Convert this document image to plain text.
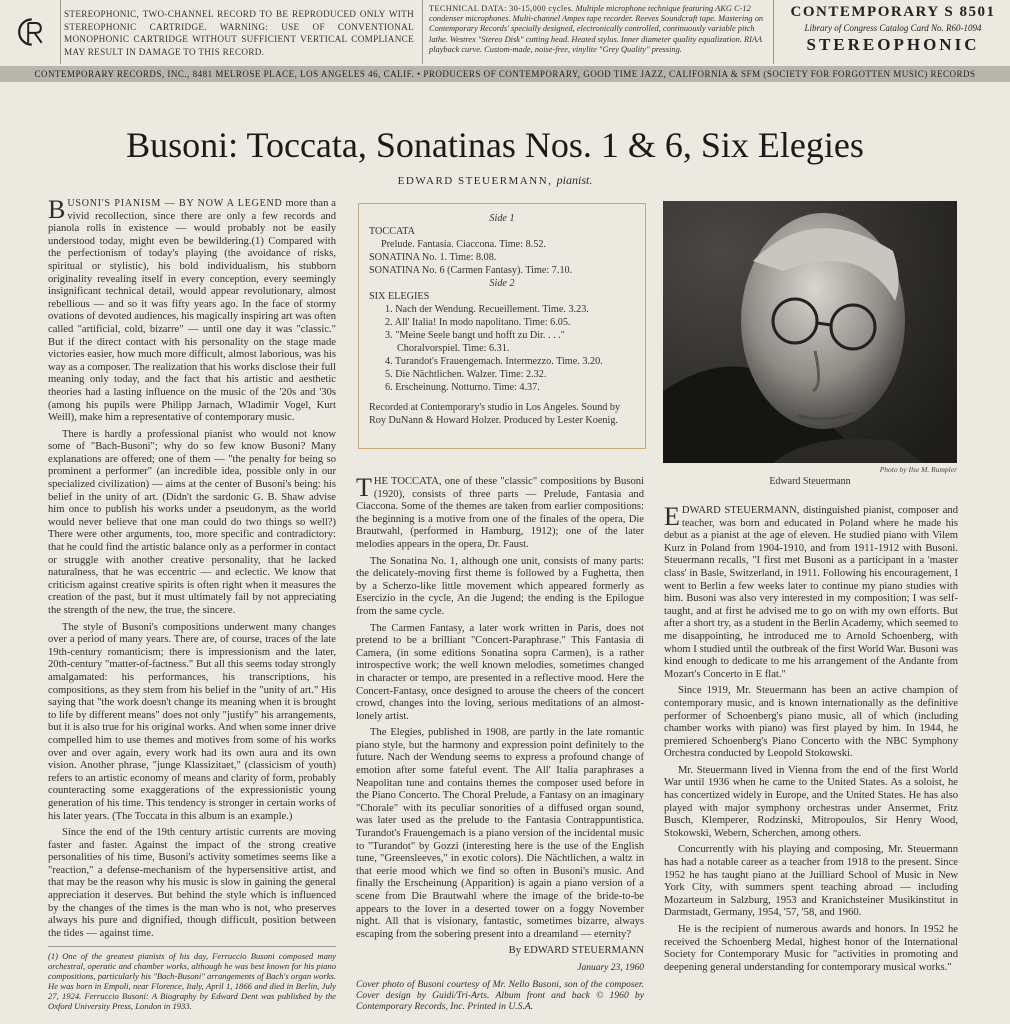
STEREOPHONIC, TWO-CHANNEL RECORD TO BE REPRODUCED ONLY WITH STEREOPHONIC CARTRIDGE. WARNING: USE OF CONVENTIONAL MONOPHONIC CARTRIDGE WITHOUT SUFFICIENT VERTICAL COMPLIANCE MAY RESULT IN DAMAGE TO THIS RECORD.
TECHNICAL DATA: 30-15,000 cycles. Multiple microphone technique featuring AKG C-12 condenser microphones. Multi-channel Ampex tape recorder. Reeves Soundcraft tape. Mastering on Contemporary Records' specially designed, electronically controlled, continuously variable pitch lathe. Westrex "Stereo Disk" cutting head. Heated stylus. Inner diameter quality equalization. RIAA playback curve. Custom-made, noise-free, vinylite "Grey Quality" pressing.
CONTEMPORARY S 8501
Library of Congress Catalog Card No. R60-1094
STEREOPHONIC
CONTEMPORARY RECORDS, INC., 8481 MELROSE PLACE, LOS ANGELES 46, CALIF. • PRODUCERS OF CONTEMPORARY, GOOD TIME JAZZ, CALIFORNIA & SFM (SOCIETY FOR FORGOTTEN MUSIC) RECORDS
Busoni: Toccata, Sonatinas Nos. 1 & 6, Six Elegies
EDWARD STEUERMANN, pianist.

BUSONI'S PIANISM — BY NOW A LEGEND more than a vivid recollection, since there are only a few records and pianola rolls in existence — would probably not be easily understood today, might even be bewildering.(1) Compared with the perfectionism of today's playing (the avoidance of risks, spiritual or stylistic), his bold individualism, his stubborn originality revealing itself in every conception, every seemingly insignificant technical detail, would appear revolutionary, almost rebellious — and so it was fifty years ago. In the face of stormy ovations of devoted audiences, his magically inspiring art was often called "artificial, cold, bizarre" — until one day it was "classic." But if the direct contact with his personality on the stage made victories easier, how much more difficult, almost laborious, was his way as a composer. The realization that his works disclose their full meaning only today, and the fact that his artistic and aesthetic theories had a lasting influence on the music of the '20s and '30s (among his pupils were Philipp Jarnach, Wladimir Vogel, Kurt Weill), make him a representative of contemporary music.

There is hardly a professional pianist who would not know some of "Bach-Busoni"; why do so few know Busoni? Many explanations are offered; one of them — "the penalty for being so prominent a performer" (an incredible idea, possible only in our specialized civilization) — aims at the center of Busoni's being: his belief in the unity of art. (Didn't the sardonic G. B. Shaw advise him once to publish his works under a pseudonym, as the world would never believe that one man could do two things so well?) There were other arguments, too, more specific and contradictory: that he could find the artistic balance only as a performer in contact or struggle with another creative personality, that he lacked naturalness, that he was eccentric — and eclectic. We know that criticism against creative spirits is often right when it measures the creation of the past, but it must ultimately fail by not appreciating the strength of the new, the true, the sincere.

The style of Busoni's compositions underwent many changes over a period of many years. There are, of course, traces of the late 19th-century romanticism; there is impressionism and the later, 20th-century "matter-of-factness." But all this seems today strongly amalgamated: his performances, his transcriptions, his compositions, as they stem from his belief in the "unity of art." His saying that "the work doesn't change its meaning when it is brought to life by different means" does not only "justify" his arrangements, but it is also true for his original works. And when some inner drive compelled him to use themes and motives from some of his works over and over again, every work had its own aura and its own vision. Another phrase, "junge Klassizitaet," (classicism of youth) refers to an artistic economy of means and clarity of form, probably counteracting some exaggerations of the expressionistic young generation of his time. This tendency is stronger in certain works of his later years. (The Toccata in this album is an example.)

Since the end of the 19th century artistic currents are moving faster and faster. Against the impact of the strong creative personalities of his time, Busoni's activity sometimes seems like a "reaction," a defense-mechanism of the hypersensitive artist, and that may be the reason why his music is slow in gaining the general appreciation it deserves. But behind the style which is influenced by the changes of the times is the man who is not, who preserves always his pure and dignified, though difficult, position between the tides — against time.

(1) One of the greatest pianists of his day, Ferruccio Busoni composed many orchestral, operatic and chamber works, although he was best known for his piano compositions, particularly his "Bach-Busoni" arrangements of Bach's organ works. He was born in Empoli, near Florence, Italy, April 1, 1866 and died in Berlin, July 27, 1924. Ferruccio Busoni: A Biography by Edward Dent was published by the Oxford University Press, London in 1933.

Side 1

TOCCATA

Prelude. Fantasia. Ciaccona. Time: 8.52.

SONATINA No. 1. Time: 8.08.

SONATINA No. 6 (Carmen Fantasy). Time: 7.10.

Side 2

SIX ELEGIES

1. Nach der Wendung. Recueillement. Time. 3.23.

2. All' Italia! In modo napolitano. Time: 6.05.

3. "Meine Seele bangt und hofft zu Dir. . . ."

Choralvorspiel. Time: 6.31.

4. Turandot's Frauengemach. Intermezzo. Time. 3.20.

5. Die Nächtlichen. Walzer. Time: 2.32.

6. Erscheinung. Notturno. Time: 4.37.

Recorded at Contemporary's studio in Los Angeles. Sound by Roy DuNann & Howard Holzer. Produced by Lester Koenig.

Photo by Ilse M. Rumpler
Edward Steuermann

THE TOCCATA, one of these "classic" compositions by Busoni (1920), consists of three parts — Prelude, Fantasia and Ciaccona. Some of the themes are taken from earlier compositions: the beginning is a motive from one of the finales of the opera, Die Brautwahl, (performed in Hamburg, 1912); one of the later melodies appears in the opera, Dr. Faust.

The Sonatina No. 1, although one unit, consists of many parts: the delicately-moving first theme is followed by a Fughetta, then by a Scherzo-like little movement which appeared formerly as Esercizio in the cycle, An die Jugend; the ending is the Epilogue from the same cycle.

The Carmen Fantasy, a later work written in Paris, does not pretend to be a brilliant "Concert-Paraphrase." This Fantasia di Camera, (in some editions Sonatina sopra Carmen), is a rather introspective work; the well known melodies, sometimes changed in character or tempo, are presented in a reflective mood. Here the Concert-Fantasy, once designed to arouse the cheers of the concert crowd, changes into the loving, serious meditations of an almost-lonely artist.

The Elegies, published in 1908, are partly in the late romantic piano style, but the harmony and expression point definitely to the future. Nach der Wendung seems to express a profound change of emotion after some fateful event. The All' Italia paraphrases a Neapolitan tune and contains themes the composer used before in the Piano Concerto. The Choral Prelude, a Fantasy on an imaginary "Chorale" with its peculiar sonorities of a diffused organ sound, was later used as the prelude to the Fantasia Contrappuntistica. Turandot's Frauengemach is a piano version of the incidental music to "Turandot" by Gozzi (interesting here is the use of the English tune, "Greensleeves," in exotic colors). Die Nächtlichen, a waltz in that eerie mood which we find so often in Busoni's music. And finally the Erscheinung (Apparition) is again a piano version of a scene from Die Brautwahl where the image of the bride-to-be appears to the lover in a deserted tower on a foggy November night. All that is visionary, fantastic, sometimes bizarre, always escaping from the sobering present into a dreamland — eternity?

By EDWARD STEUERMANN

January 23, 1960

Cover photo of Busoni courtesy of Mr. Nello Busoni, son of the composer. Cover design by Guidi/Tri-Arts. Album front and back © 1960 by Contemporary Records, Inc. Printed in U.S.A.

EDWARD STEUERMANN, distinguished pianist, composer and teacher, was born and educated in Poland where he made his debut as a pianist at the age of eleven. He studied piano with Vilem Kurz in Poland from 1904-1910, and from 1911-1912 with Busoni. Steuermann recalls, "I first met Busoni as a participant in a 'master class' in Basle, Switzerland, in 1911. Following his encouragement, I went to Berlin a few weeks later to continue my piano studies with him. Busoni was also very interested in my composition; I was self-taught, and at first he advised me to go on with my own efforts. But after a short try, as a student in the Berlin Academy, which seemed to me disappointing, he introduced me to Arnold Schoenberg, with whom I studied until the outbreak of the first World War. Busoni was kind enough to dedicate to me his arrangement of the Andante from Mozart's Concerto in E flat."

Since 1919, Mr. Steuermann has been an active champion of contemporary music, and is known internationally as the definitive performer of Schoenberg's piano music, all of which (including chamber works with piano) was first played by him. In 1944, he premiered Schoenberg's Piano Concerto with the NBC Symphony Orchestra conducted by Leopold Stokowski.

Mr. Steuermann lived in Vienna from the end of the first World War until 1936 when he came to the United States. As a soloist, he has concertized widely in Europe, and the United States. He has also played with major symphony orchestras under Ansermet, Fritz Busch, Klemperer, Rodzinski, Mitropoulos, Sir Henry Wood, Stokowski, Webern, Scherchen, among others.

Concurrently with his playing and composing, Mr. Steuermann has had a notable career as a teacher from 1918 to the present. Since 1952 he has taught piano at the Juilliard School of Music in New York City, with summers spent teaching abroad — including Mozarteum in Salzburg, 1953 and Kranichsteiner Musikinstitut in Darmstadt, Germany, 1954, '57, '58, and 1960.

He is the recipient of numerous awards and honors. In 1952 he received the Schoenberg Medal, highest honor of the International Society for Contemporary Music for "activities in promoting and deepening general understanding for contemporary musical works."
